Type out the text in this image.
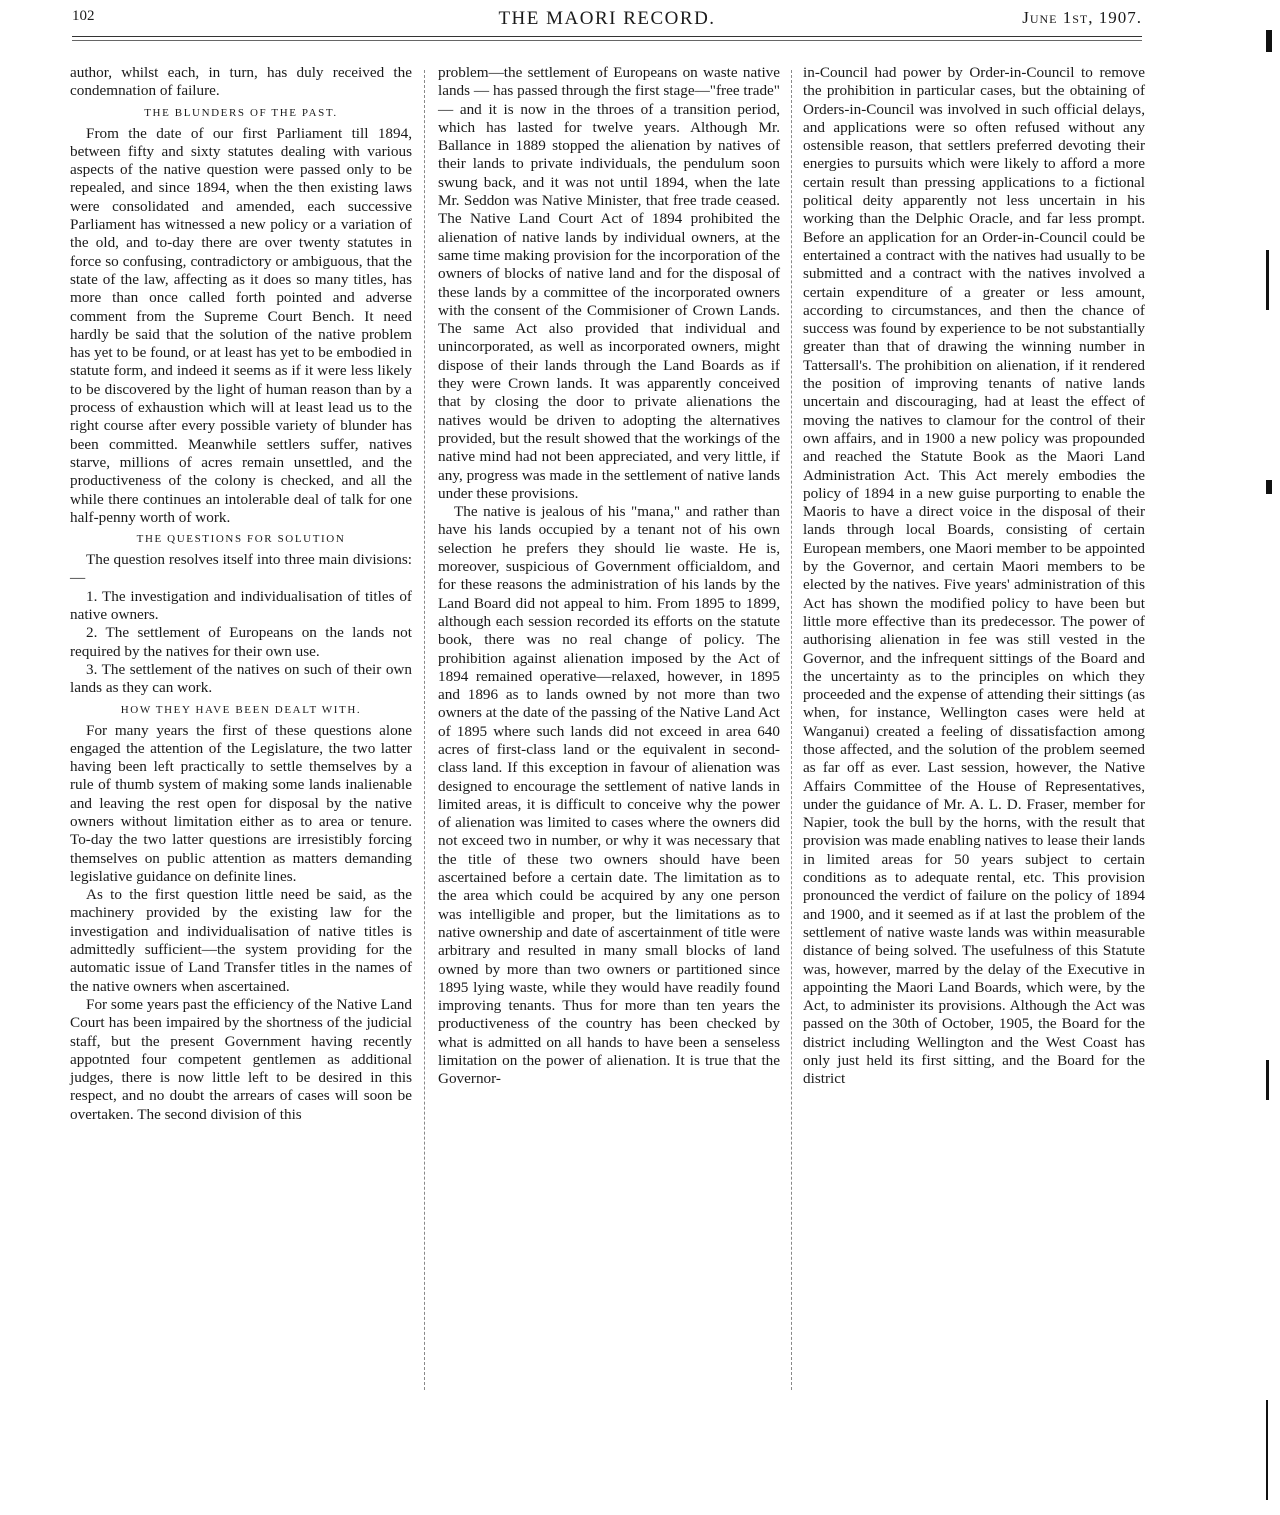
102	THE MAORI RECORD.	June 1st, 1907.

author, whilst each, in turn, has duly received the condemnation of failure.

THE BLUNDERS OF THE PAST.

From the date of our first Parliament till 1894, between fifty and sixty statutes dealing with various aspects of the native question were passed only to be repealed, and since 1894, when the then existing laws were consolidated and amended, each successive Parliament has witnessed a new policy or a variation of the old, and to-day there are over twenty statutes in force so confusing, contradictory or ambiguous, that the state of the law, affecting as it does so many titles, has more than once called forth pointed and adverse comment from the Supreme Court Bench. It need hardly be said that the solution of the native problem has yet to be found, or at least has yet to be embodied in statute form, and indeed it seems as if it were less likely to be discovered by the light of human reason than by a process of exhaustion which will at least lead us to the right course after every possible variety of blunder has been committed. Meanwhile settlers suffer, natives starve, millions of acres remain unsettled, and the productiveness of the colony is checked, and all the while there continues an intolerable deal of talk for one half-penny worth of work.

THE QUESTIONS FOR SOLUTION

The question resolves itself into three main divisions:—

1. The investigation and individualisation of titles of native owners.

2. The settlement of Europeans on the lands not required by the natives for their own use.

3. The settlement of the natives on such of their own lands as they can work.

HOW THEY HAVE BEEN DEALT WITH.

For many years the first of these questions alone engaged the attention of the Legislature, the two latter having been left practically to settle themselves by a rule of thumb system of making some lands inalienable and leaving the rest open for disposal by the native owners without limitation either as to area or tenure. To-day the two latter questions are irresistibly forcing themselves on public attention as matters demanding legislative guidance on definite lines.

As to the first question little need be said, as the machinery provided by the existing law for the investigation and individualisation of native titles is admittedly sufficient—the system providing for the automatic issue of Land Transfer titles in the names of the native owners when ascertained.

For some years past the efficiency of the Native Land Court has been impaired by the shortness of the judicial staff, but the present Government having recently appotnted four competent gentlemen as additional judges, there is now little left to be desired in this respect, and no doubt the arrears of cases will soon be overtaken. The second division of this

problem—the settlement of Europeans on waste native lands — has passed through the first stage—"free trade" — and it is now in the throes of a transition period, which has lasted for twelve years. Although Mr. Ballance in 1889 stopped the alienation by natives of their lands to private individuals, the pendulum soon swung back, and it was not until 1894, when the late Mr. Seddon was Native Minister, that free trade ceased. The Native Land Court Act of 1894 prohibited the alienation of native lands by individual owners, at the same time making provision for the incorporation of the owners of blocks of native land and for the disposal of these lands by a committee of the incorporated owners with the consent of the Commisioner of Crown Lands. The same Act also provided that individual and unincorporated, as well as incorporated owners, might dispose of their lands through the Land Boards as if they were Crown lands. It was apparently conceived that by closing the door to private alienations the natives would be driven to adopting the alternatives provided, but the result showed that the workings of the native mind had not been appreciated, and very little, if any, progress was made in the settlement of native lands under these provisions.

The native is jealous of his "mana," and rather than have his lands occupied by a tenant not of his own selection he prefers they should lie waste. He is, moreover, suspicious of Government officialdom, and for these reasons the administration of his lands by the Land Board did not appeal to him. From 1895 to 1899, although each session recorded its efforts on the statute book, there was no real change of policy. The prohibition against alienation imposed by the Act of 1894 remained operative—relaxed, however, in 1895 and 1896 as to lands owned by not more than two owners at the date of the passing of the Native Land Act of 1895 where such lands did not exceed in area 640 acres of first-class land or the equivalent in second-class land. If this exception in favour of alienation was designed to encourage the settlement of native lands in limited areas, it is difficult to conceive why the power of alienation was limited to cases where the owners did not exceed two in number, or why it was necessary that the title of these two owners should have been ascertained before a certain date. The limitation as to the area which could be acquired by any one person was intelligible and proper, but the limitations as to native ownership and date of ascertainment of title were arbitrary and resulted in many small blocks of land owned by more than two owners or partitioned since 1895 lying waste, while they would have readily found improving tenants. Thus for more than ten years the productiveness of the country has been checked by what is admitted on all hands to have been a senseless limitation on the power of alienation. It is true that the Governor-

in-Council had power by Order-in-Council to remove the prohibition in particular cases, but the obtaining of Orders-in-Council was involved in such official delays, and applications were so often refused without any ostensible reason, that settlers preferred devoting their energies to pursuits which were likely to afford a more certain result than pressing applications to a fictional political deity apparently not less uncertain in his working than the Delphic Oracle, and far less prompt. Before an application for an Order-in-Council could be entertained a contract with the natives had usually to be submitted and a contract with the natives involved a certain expenditure of a greater or less amount, according to circumstances, and then the chance of success was found by experience to be not substantially greater than that of drawing the winning number in Tattersall's. The prohibition on alienation, if it rendered the position of improving tenants of native lands uncertain and discouraging, had at least the effect of moving the natives to clamour for the control of their own affairs, and in 1900 a new policy was propounded and reached the Statute Book as the Maori Land Administration Act. This Act merely embodies the policy of 1894 in a new guise purporting to enable the Maoris to have a direct voice in the disposal of their lands through local Boards, consisting of certain European members, one Maori member to be appointed by the Governor, and certain Maori members to be elected by the natives. Five years' administration of this Act has shown the modified policy to have been but little more effective than its predecessor. The power of authorising alienation in fee was still vested in the Governor, and the infrequent sittings of the Board and the uncertainty as to the principles on which they proceeded and the expense of attending their sittings (as when, for instance, Wellington cases were held at Wanganui) created a feeling of dissatisfaction among those affected, and the solution of the problem seemed as far off as ever. Last session, however, the Native Affairs Committee of the House of Representatives, under the guidance of Mr. A. L. D. Fraser, member for Napier, took the bull by the horns, with the result that provision was made enabling natives to lease their lands in limited areas for 50 years subject to certain conditions as to adequate rental, etc. This provision pronounced the verdict of failure on the policy of 1894 and 1900, and it seemed as if at last the problem of the settlement of native waste lands was within measurable distance of being solved. The usefulness of this Statute was, however, marred by the delay of the Executive in appointing the Maori Land Boards, which were, by the Act, to administer its provisions. Although the Act was passed on the 30th of October, 1905, the Board for the district including Wellington and the West Coast has only just held its first sitting, and the Board for the district
